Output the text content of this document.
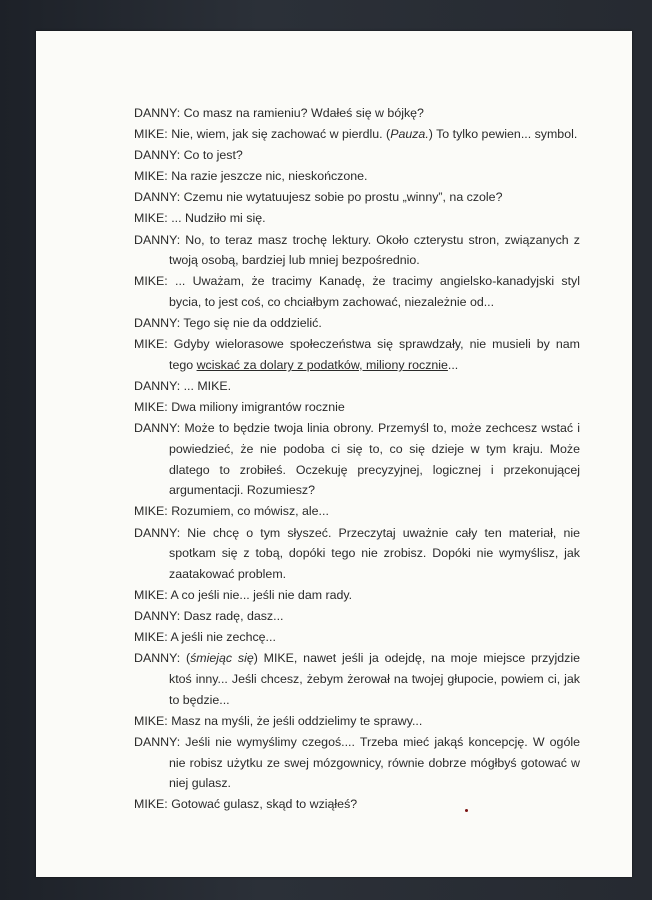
DANNY: Co masz na ramieniu? Wdałeś się w bójkę?

MIKE: Nie, wiem, jak się zachować w pierdlu. (Pauza.) To tylko pewien... symbol.

DANNY: Co to jest?

MIKE: Na razie jeszcze nic, nieskończone.

DANNY: Czemu nie wytatuujesz sobie po prostu „winny”, na czole?

MIKE: ... Nudziło mi się.

DANNY: No, to teraz masz trochę lektury. Około czterystu stron, związanych z twoją osobą, bardziej lub mniej bezpośrednio.

MIKE: ... Uważam, że tracimy Kanadę, że tracimy angielsko-kanadyjski styl bycia, to jest coś, co chciałbym zachować, niezależnie od...

DANNY: Tego się nie da oddzielić.

MIKE: Gdyby wielorasowe społeczeństwa się sprawdzały, nie musieli by nam tego wciskać za dolary z podatków, miliony rocznie...

DANNY: ... MIKE.

MIKE: Dwa miliony imigrantów rocznie

DANNY: Może to będzie twoja linia obrony. Przemyśl to, może zechcesz wstać i powiedzieć, że nie podoba ci się to, co się dzieje w tym kraju. Może dlatego to zrobiłeś. Oczekuję precyzyjnej, logicznej i przekonującej argumentacji. Rozumiesz?

MIKE: Rozumiem, co mówisz, ale...

DANNY: Nie chcę o tym słyszeć. Przeczytaj uważnie cały ten materiał, nie spotkam się z tobą, dopóki tego nie zrobisz. Dopóki nie wymyślisz, jak zaatakować problem.

MIKE: A co jeśli nie... jeśli nie dam rady.

DANNY: Dasz radę, dasz...

MIKE: A jeśli nie zechcę...

DANNY: (śmiejąc się) MIKE, nawet jeśli ja odejdę, na moje miejsce przyjdzie ktoś inny... Jeśli chcesz, żebym żerował na twojej głupocie, powiem ci, jak to będzie...

MIKE: Masz na myśli, że jeśli oddzielimy te sprawy...

DANNY: Jeśli nie wymyślimy czegoś.... Trzeba mieć jakąś koncepcję. W ogóle nie robisz użytku ze swej mózgownicy, równie dobrze mógłbyś gotować w niej gulasz.

MIKE: Gotować gulasz, skąd to wziąłeś?
